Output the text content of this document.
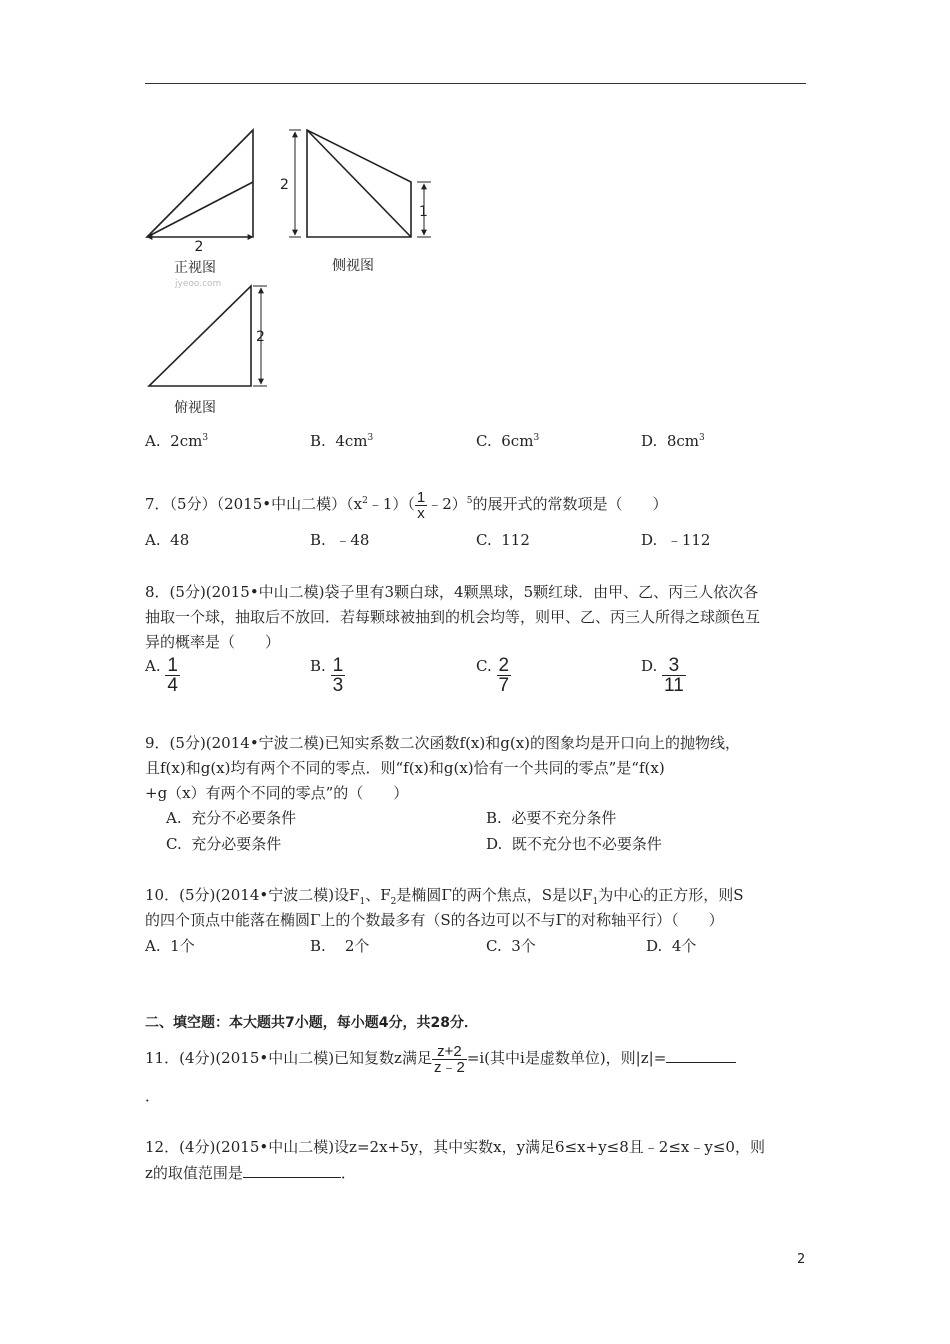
2
正视图
jyeoo.com
2
1
侧视图
2
俯视图
A. $2cm^3$	B. $4cm^3$	C. $6cm^3$	D. $8cm^3$
7．（5分）（2015•中山二模）$(x^2﹣1)( \frac{1}{x}$ ﹣2）$^5$的展开式的常数项是（　　）
A. 48	B. ﹣48	C. 112	D. ﹣112
8．(5分)(2015•中山二模)袋子里有3颗白球，4颗黑球，5颗红球．由甲、乙、丙三人依次各
抽取一个球，抽取后不放回．若每颗球被抽到的机会均等，则甲、乙、丙三人所得之球颜色互
异的概率是（　　）
A. $\frac{1}{4}$	B. $\frac{1}{3}$	C. $\frac{2}{7}$	D. $\frac{3}{11}$
9．(5分)(2014•宁波二模)已知实系数二次函数f(x)和g(x)的图象均是开口向上的抛物线，
且f(x)和g(x)均有两个不同的零点．则“f(x)和g(x)恰有一个共同的零点”是“f(x)
+g（x）有两个不同的零点”的（　　）
A. 充分不必要条件	B. 必要不充分条件
C. 充分必要条件	D. 既不充分也不必要条件
10．(5分)(2014•宁波二模)设$F_1$、$F_2$是椭圆Γ的两个焦点，S是以$F_1$为中心的正方形，则S
的四个顶点中能落在椭圆Γ上的个数最多有（S的各边可以不与Γ的对称轴平行）（　　）
A. 1个	B. 2个	C. 3个	D. 4个
二、填空题：本大题共7小题，每小题4分，共28分．
11．(4分)(2015•中山二模)已知复数z满足 $\frac{z+2}{z﹣2} =i$(其中i是虚数单位)，则|z|=
．
12．(4分)(2015•中山二模)设z=2x+5y，其中实数x，y满足6≤x+y≤8且﹣2≤x﹣y≤0，则
z的取值范围是	．
2
